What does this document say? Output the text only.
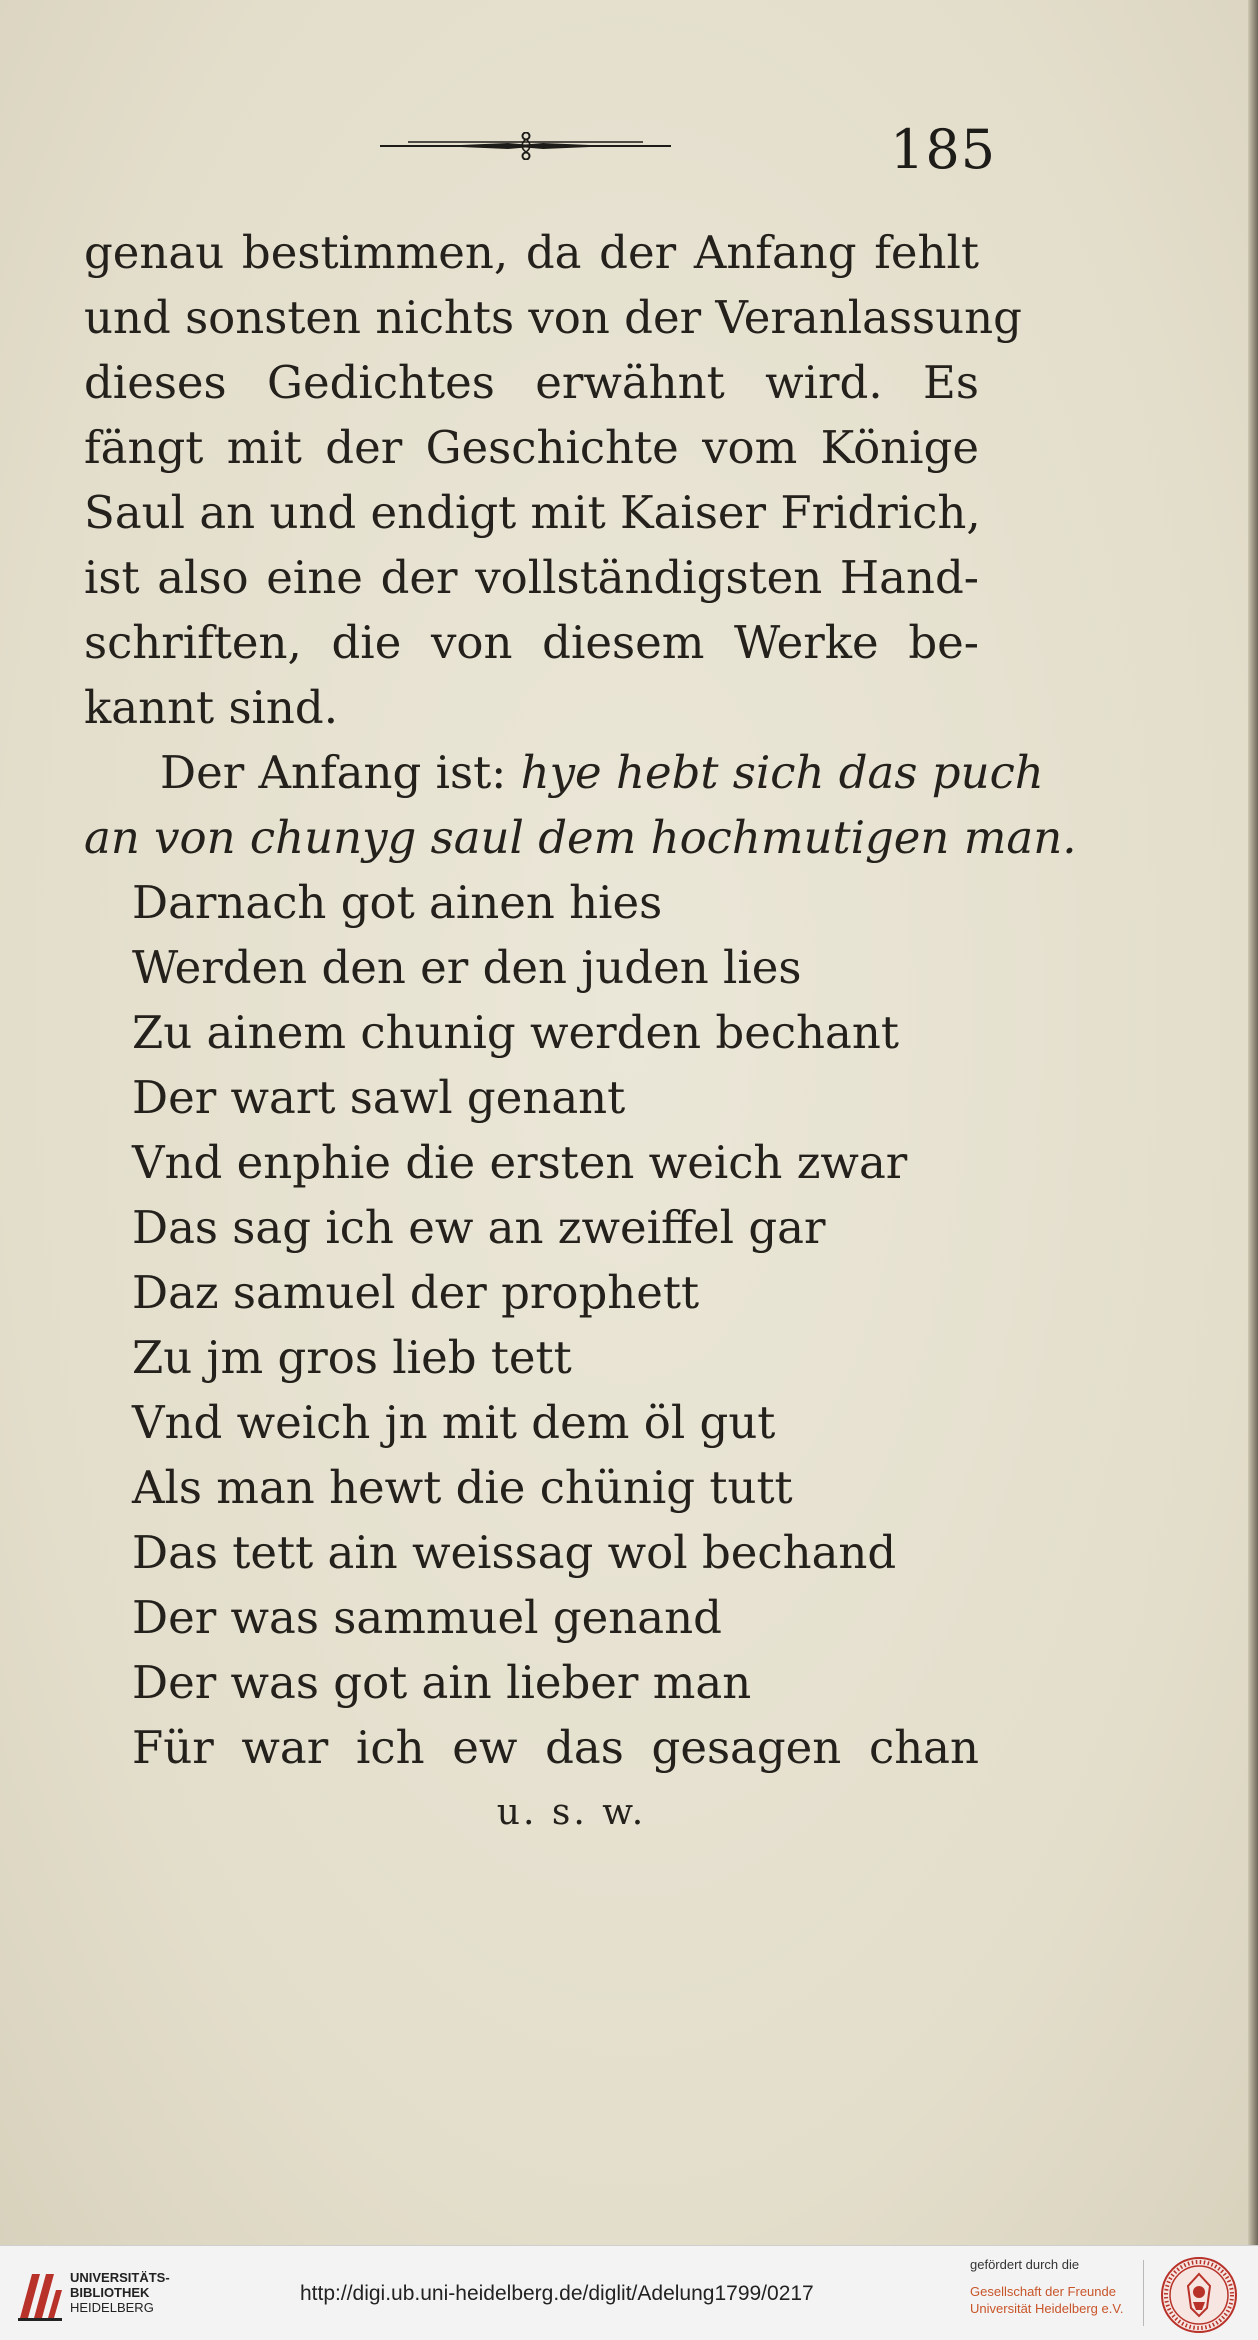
185
genau bestimmen, da der Anfang fehlt
und sonsten nichts von der Veranlassung
dieses Gedichtes erwähnt wird. Es
fängt mit der Geschichte vom Könige
Saul an und endigt mit Kaiser Fridrich,
ist also eine der vollständigsten Hand-
schriften, die von diesem Werke be-
kannt sind.
Der Anfang ist: hye hebt sich das puch
an von chunyg saul dem hochmutigen man.
Darnach got ainen hies
Werden den er den juden lies
Zu ainem chunig werden bechant
Der wart sawl genant
Vnd enphie die ersten weich zwar
Das sag ich ew an zweiffel gar
Daz samuel der prophett
Zu jm gros lieb tett
Vnd weich jn mit dem öl gut
Als man hewt die chünig tutt
Das tett ain weissag wol bechand
Der was sammuel genand
Der was got ain lieber man
Für war ich ew das gesagen chan
u. s. w.
UNIVERSITÄTS-
BIBLIOTHEK
HEIDELBERG
http://digi.ub.uni-heidelberg.de/diglit/Adelung1799/0217
gefördert durch die
Gesellschaft der Freunde
Universität Heidelberg e.V.
